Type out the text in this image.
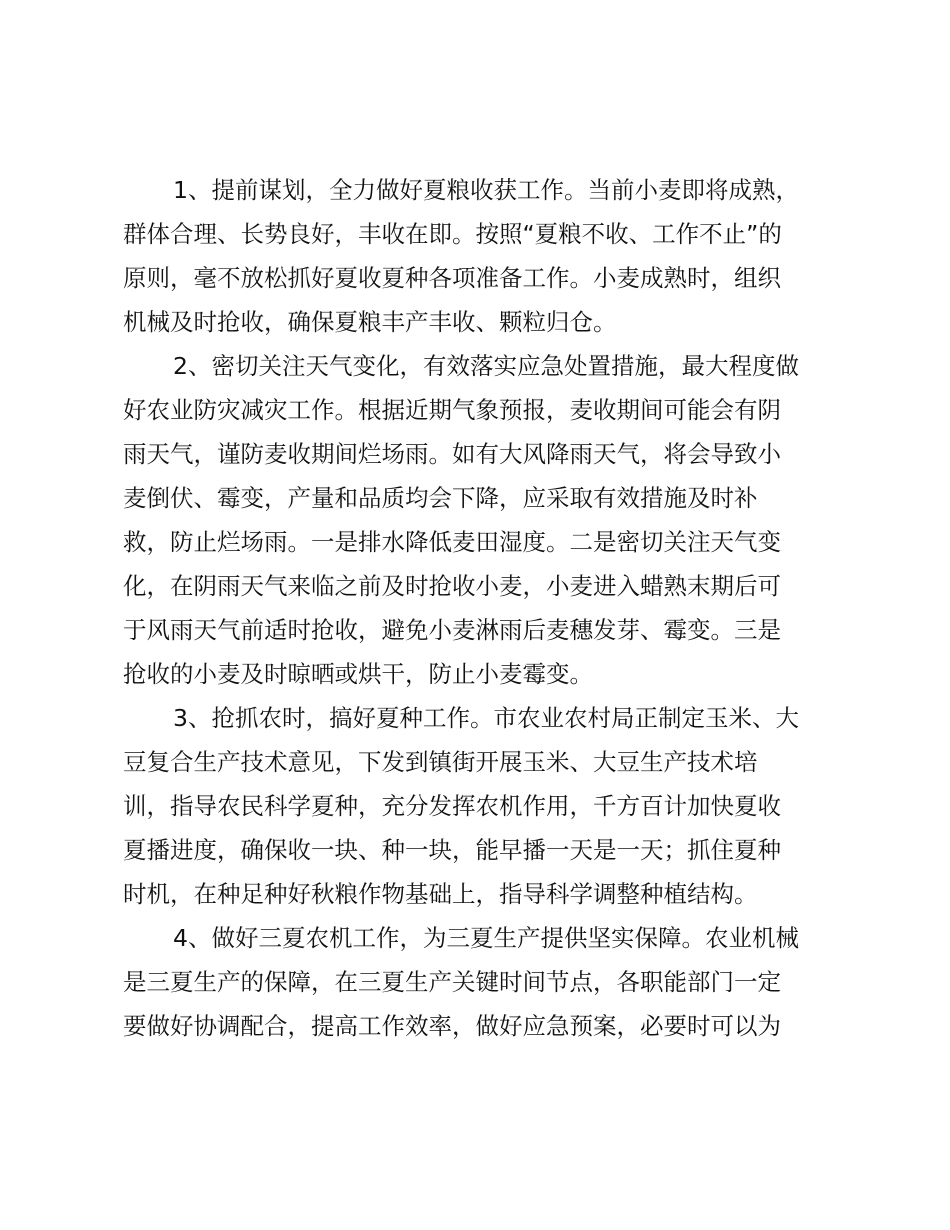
1、提前谋划，全力做好夏粮收获工作。当前小麦即将成熟，
群体合理、长势良好，丰收在即。按照“夏粮不收、工作不止”的
原则，毫不放松抓好夏收夏种各项准备工作。小麦成熟时，组织
机械及时抢收，确保夏粮丰产丰收、颗粒归仓。
2、密切关注天气变化，有效落实应急处置措施，最大程度做
好农业防灾减灾工作。根据近期气象预报，麦收期间可能会有阴
雨天气，谨防麦收期间烂场雨。如有大风降雨天气，将会导致小
麦倒伏、霉变，产量和品质均会下降，应采取有效措施及时补
救，防止烂场雨。一是排水降低麦田湿度。二是密切关注天气变
化，在阴雨天气来临之前及时抢收小麦，小麦进入蜡熟末期后可
于风雨天气前适时抢收，避免小麦淋雨后麦穗发芽、霉变。三是
抢收的小麦及时晾晒或烘干，防止小麦霉变。
3、抢抓农时，搞好夏种工作。市农业农村局正制定玉米、大
豆复合生产技术意见，下发到镇街开展玉米、大豆生产技术培
训，指导农民科学夏种，充分发挥农机作用，千方百计加快夏收
夏播进度，确保收一块、种一块，能早播一天是一天；抓住夏种
时机，在种足种好秋粮作物基础上，指导科学调整种植结构。
4、做好三夏农机工作，为三夏生产提供坚实保障。农业机械
是三夏生产的保障，在三夏生产关键时间节点，各职能部门一定
要做好协调配合，提高工作效率，做好应急预案，必要时可以为
